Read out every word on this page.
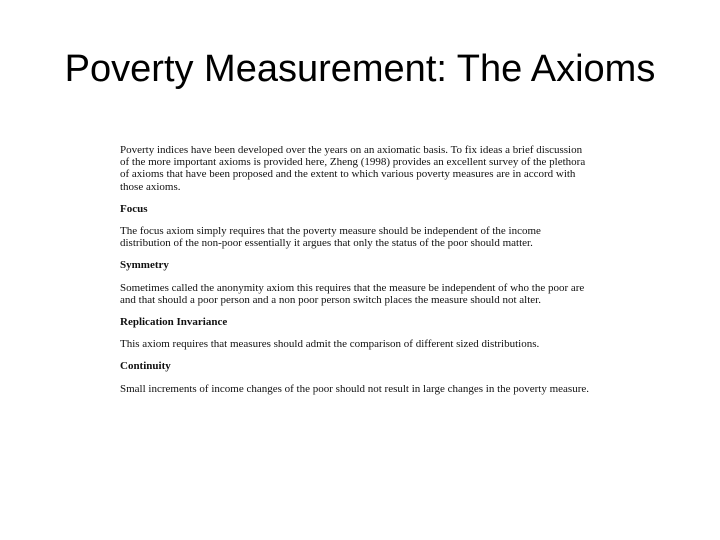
Poverty Measurement: The Axioms

Poverty indices have been developed over the years on an axiomatic basis. To fix ideas a brief discussion of the more important axioms is provided here, Zheng (1998) provides an excellent survey of the plethora of axioms that have been proposed and the extent to which various poverty measures are in accord with those axioms.

Focus

The focus axiom simply requires that the poverty measure should be independent of the income distribution of the non-poor essentially it argues that only the status of the poor should matter.

Symmetry

Sometimes called the anonymity axiom this requires that the measure be independent of who the poor are and that should a poor person and a non poor person switch places the measure should not alter.

Replication Invariance

This axiom requires that measures should admit the comparison of different sized distributions.

Continuity

Small increments of income changes of the poor should not result in large changes in the poverty measure.
